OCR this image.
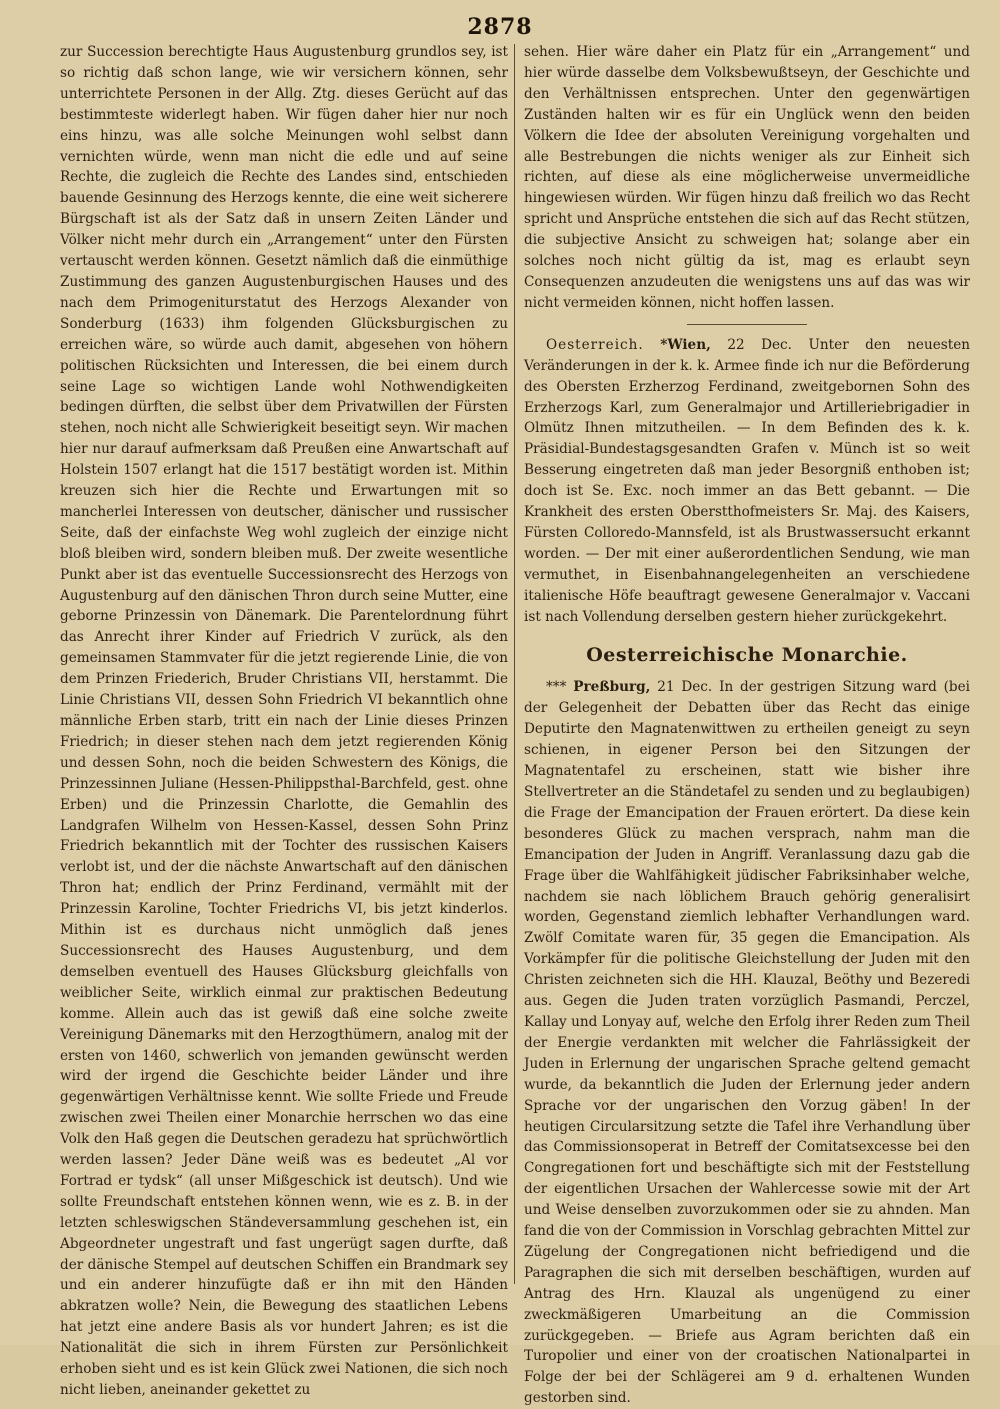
2878

zur Succession berechtigte Haus Augustenburg grundlos sey, ist so richtig daß schon lange, wie wir versichern können, sehr unterrichtete Personen in der Allg. Ztg. dieses Gerücht auf das bestimmteste widerlegt haben. Wir fügen daher hier nur noch eins hinzu, was alle solche Meinungen wohl selbst dann vernichten würde, wenn man nicht die edle und auf seine Rechte, die zugleich die Rechte des Landes sind, entschieden bauende Gesinnung des Herzogs kennte, die eine weit sicherere Bürgschaft ist als der Satz daß in unsern Zeiten Länder und Völker nicht mehr durch ein „Arrangement“ unter den Fürsten vertauscht werden können. Gesetzt nämlich daß die einmüthige Zustimmung des ganzen Augustenburgischen Hauses und des nach dem Primogeniturstatut des Herzogs Alexander von Sonderburg (1633) ihm folgenden Glücksburgischen zu erreichen wäre, so würde auch damit, abgesehen von höhern politischen Rücksichten und Interessen, die bei einem durch seine Lage so wichtigen Lande wohl Nothwendigkeiten bedingen dürften, die selbst über dem Privatwillen der Fürsten stehen, noch nicht alle Schwierigkeit beseitigt seyn. Wir machen hier nur darauf aufmerksam daß Preußen eine Anwartschaft auf Holstein 1507 erlangt hat die 1517 bestätigt worden ist. Mithin kreuzen sich hier die Rechte und Erwartungen mit so mancherlei Interessen von deutscher, dänischer und russischer Seite, daß der einfachste Weg wohl zugleich der einzige nicht bloß bleiben wird, sondern bleiben muß. Der zweite wesentliche Punkt aber ist das eventuelle Successionsrecht des Herzogs von Augustenburg auf den dänischen Thron durch seine Mutter, eine geborne Prinzessin von Dänemark. Die Parentelordnung führt das Anrecht ihrer Kinder auf Friedrich V zurück, als den gemeinsamen Stammvater für die jetzt regierende Linie, die von dem Prinzen Friederich, Bruder Christians VII, herstammt. Die Linie Christians VII, dessen Sohn Friedrich VI bekanntlich ohne männliche Erben starb, tritt ein nach der Linie dieses Prinzen Friedrich; in dieser stehen nach dem jetzt regierenden König und dessen Sohn, noch die beiden Schwestern des Königs, die Prinzessinnen Juliane (Hessen-Philippsthal-Barchfeld, gest. ohne Erben) und die Prinzessin Charlotte, die Gemahlin des Landgrafen Wilhelm von Hessen-Kassel, dessen Sohn Prinz Friedrich bekanntlich mit der Tochter des russischen Kaisers verlobt ist, und der die nächste Anwartschaft auf den dänischen Thron hat; endlich der Prinz Ferdinand, vermählt mit der Prinzessin Karoline, Tochter Friedrichs VI, bis jetzt kinderlos. Mithin ist es durchaus nicht unmöglich daß jenes Successionsrecht des Hauses Augustenburg, und dem demselben eventuell des Hauses Glücksburg gleichfalls von weiblicher Seite, wirklich einmal zur praktischen Bedeutung komme. Allein auch das ist gewiß daß eine solche zweite Vereinigung Dänemarks mit den Herzogthümern, analog mit der ersten von 1460, schwerlich von jemanden gewünscht werden wird der irgend die Geschichte beider Länder und ihre gegenwärtigen Verhältnisse kennt. Wie sollte Friede und Freude zwischen zwei Theilen einer Monarchie herrschen wo das eine Volk den Haß gegen die Deutschen geradezu hat sprüchwörtlich werden lassen? Jeder Däne weiß was es bedeutet „Al vor Fortrad er tydsk“ (all unser Mißgeschick ist deutsch). Und wie sollte Freundschaft entstehen können wenn, wie es z. B. in der letzten schleswigschen Ständeversammlung geschehen ist, ein Abgeordneter ungestraft und fast ungerügt sagen durfte, daß der dänische Stempel auf deutschen Schiffen ein Brandmark sey und ein anderer hinzufügte daß er ihn mit den Händen abkratzen wolle? Nein, die Bewegung des staatlichen Lebens hat jetzt eine andere Basis als vor hundert Jahren; es ist die Nationalität die sich in ihrem Fürsten zur Persönlichkeit erhoben sieht und es ist kein Glück zwei Nationen, die sich noch nicht lieben, aneinander gekettet zu

sehen. Hier wäre daher ein Platz für ein „Arrangement“ und hier würde dasselbe dem Volksbewußtseyn, der Geschichte und den Verhältnissen entsprechen. Unter den gegenwärtigen Zuständen halten wir es für ein Unglück wenn den beiden Völkern die Idee der absoluten Vereinigung vorgehalten und alle Bestrebungen die nichts weniger als zur Einheit sich richten, auf diese als eine möglicherweise unvermeidliche hingewiesen würden. Wir fügen hinzu daß freilich wo das Recht spricht und Ansprüche entstehen die sich auf das Recht stützen, die subjective Ansicht zu schweigen hat; solange aber ein solches noch nicht gültig da ist, mag es erlaubt seyn Consequenzen anzudeuten die wenigstens uns auf das was wir nicht vermeiden können, nicht hoffen lassen.

Oesterreich. *Wien, 22 Dec. Unter den neuesten Veränderungen in der k. k. Armee finde ich nur die Beförderung des Obersten Erzherzog Ferdinand, zweitgebornen Sohn des Erzherzogs Karl, zum Generalmajor und Artilleriebrigadier in Olmütz Ihnen mitzutheilen. — In dem Befinden des k. k. Präsidial-Bundestagsgesandten Grafen v. Münch ist so weit Besserung eingetreten daß man jeder Besorgniß enthoben ist; doch ist Se. Exc. noch immer an das Bett gebannt. — Die Krankheit des ersten Oberstthofmeisters Sr. Maj. des Kaisers, Fürsten Colloredo-Mannsfeld, ist als Brustwassersucht erkannt worden. — Der mit einer außerordentlichen Sendung, wie man vermuthet, in Eisenbahnangelegenheiten an verschiedene italienische Höfe beauftragt gewesene Generalmajor v. Vaccani ist nach Vollendung derselben gestern hieher zurückgekehrt.

Oesterreichische Monarchie.

*** Preßburg, 21 Dec. In der gestrigen Sitzung ward (bei der Gelegenheit der Debatten über das Recht das einige Deputirte den Magnatenwittwen zu ertheilen geneigt zu seyn schienen, in eigener Person bei den Sitzungen der Magnatentafel zu erscheinen, statt wie bisher ihre Stellvertreter an die Ständetafel zu senden und zu beglaubigen) die Frage der Emancipation der Frauen erörtert. Da diese kein besonderes Glück zu machen versprach, nahm man die Emancipation der Juden in Angriff. Veranlassung dazu gab die Frage über die Wahlfähigkeit jüdischer Fabriksinhaber welche, nachdem sie nach löblichem Brauch gehörig generalisirt worden, Gegenstand ziemlich lebhafter Verhandlungen ward. Zwölf Comitate waren für, 35 gegen die Emancipation. Als Vorkämpfer für die politische Gleichstellung der Juden mit den Christen zeichneten sich die HH. Klauzal, Beöthy und Bezeredi aus. Gegen die Juden traten vorzüglich Pasmandi, Perczel, Kallay und Lonyay auf, welche den Erfolg ihrer Reden zum Theil der Energie verdankten mit welcher die Fahrlässigkeit der Juden in Erlernung der ungarischen Sprache geltend gemacht wurde, da bekanntlich die Juden der Erlernung jeder andern Sprache vor der ungarischen den Vorzug gäben! In der heutigen Circularsitzung setzte die Tafel ihre Verhandlung über das Commissionsoperat in Betreff der Comitatsexcesse bei den Congregationen fort und beschäftigte sich mit der Feststellung der eigentlichen Ursachen der Wahlercesse sowie mit der Art und Weise denselben zuvorzukommen oder sie zu ahnden. Man fand die von der Commission in Vorschlag gebrachten Mittel zur Zügelung der Congregationen nicht befriedigend und die Paragraphen die sich mit derselben beschäftigen, wurden auf Antrag des Hrn. Klauzal als ungenügend zu einer zweckmäßigeren Umarbeitung an die Commission zurückgegeben. — Briefe aus Agram berichten daß ein Turopolier und einer von der croatischen Nationalpartei in Folge der bei der Schlägerei am 9 d. erhaltenen Wunden gestorben sind.
